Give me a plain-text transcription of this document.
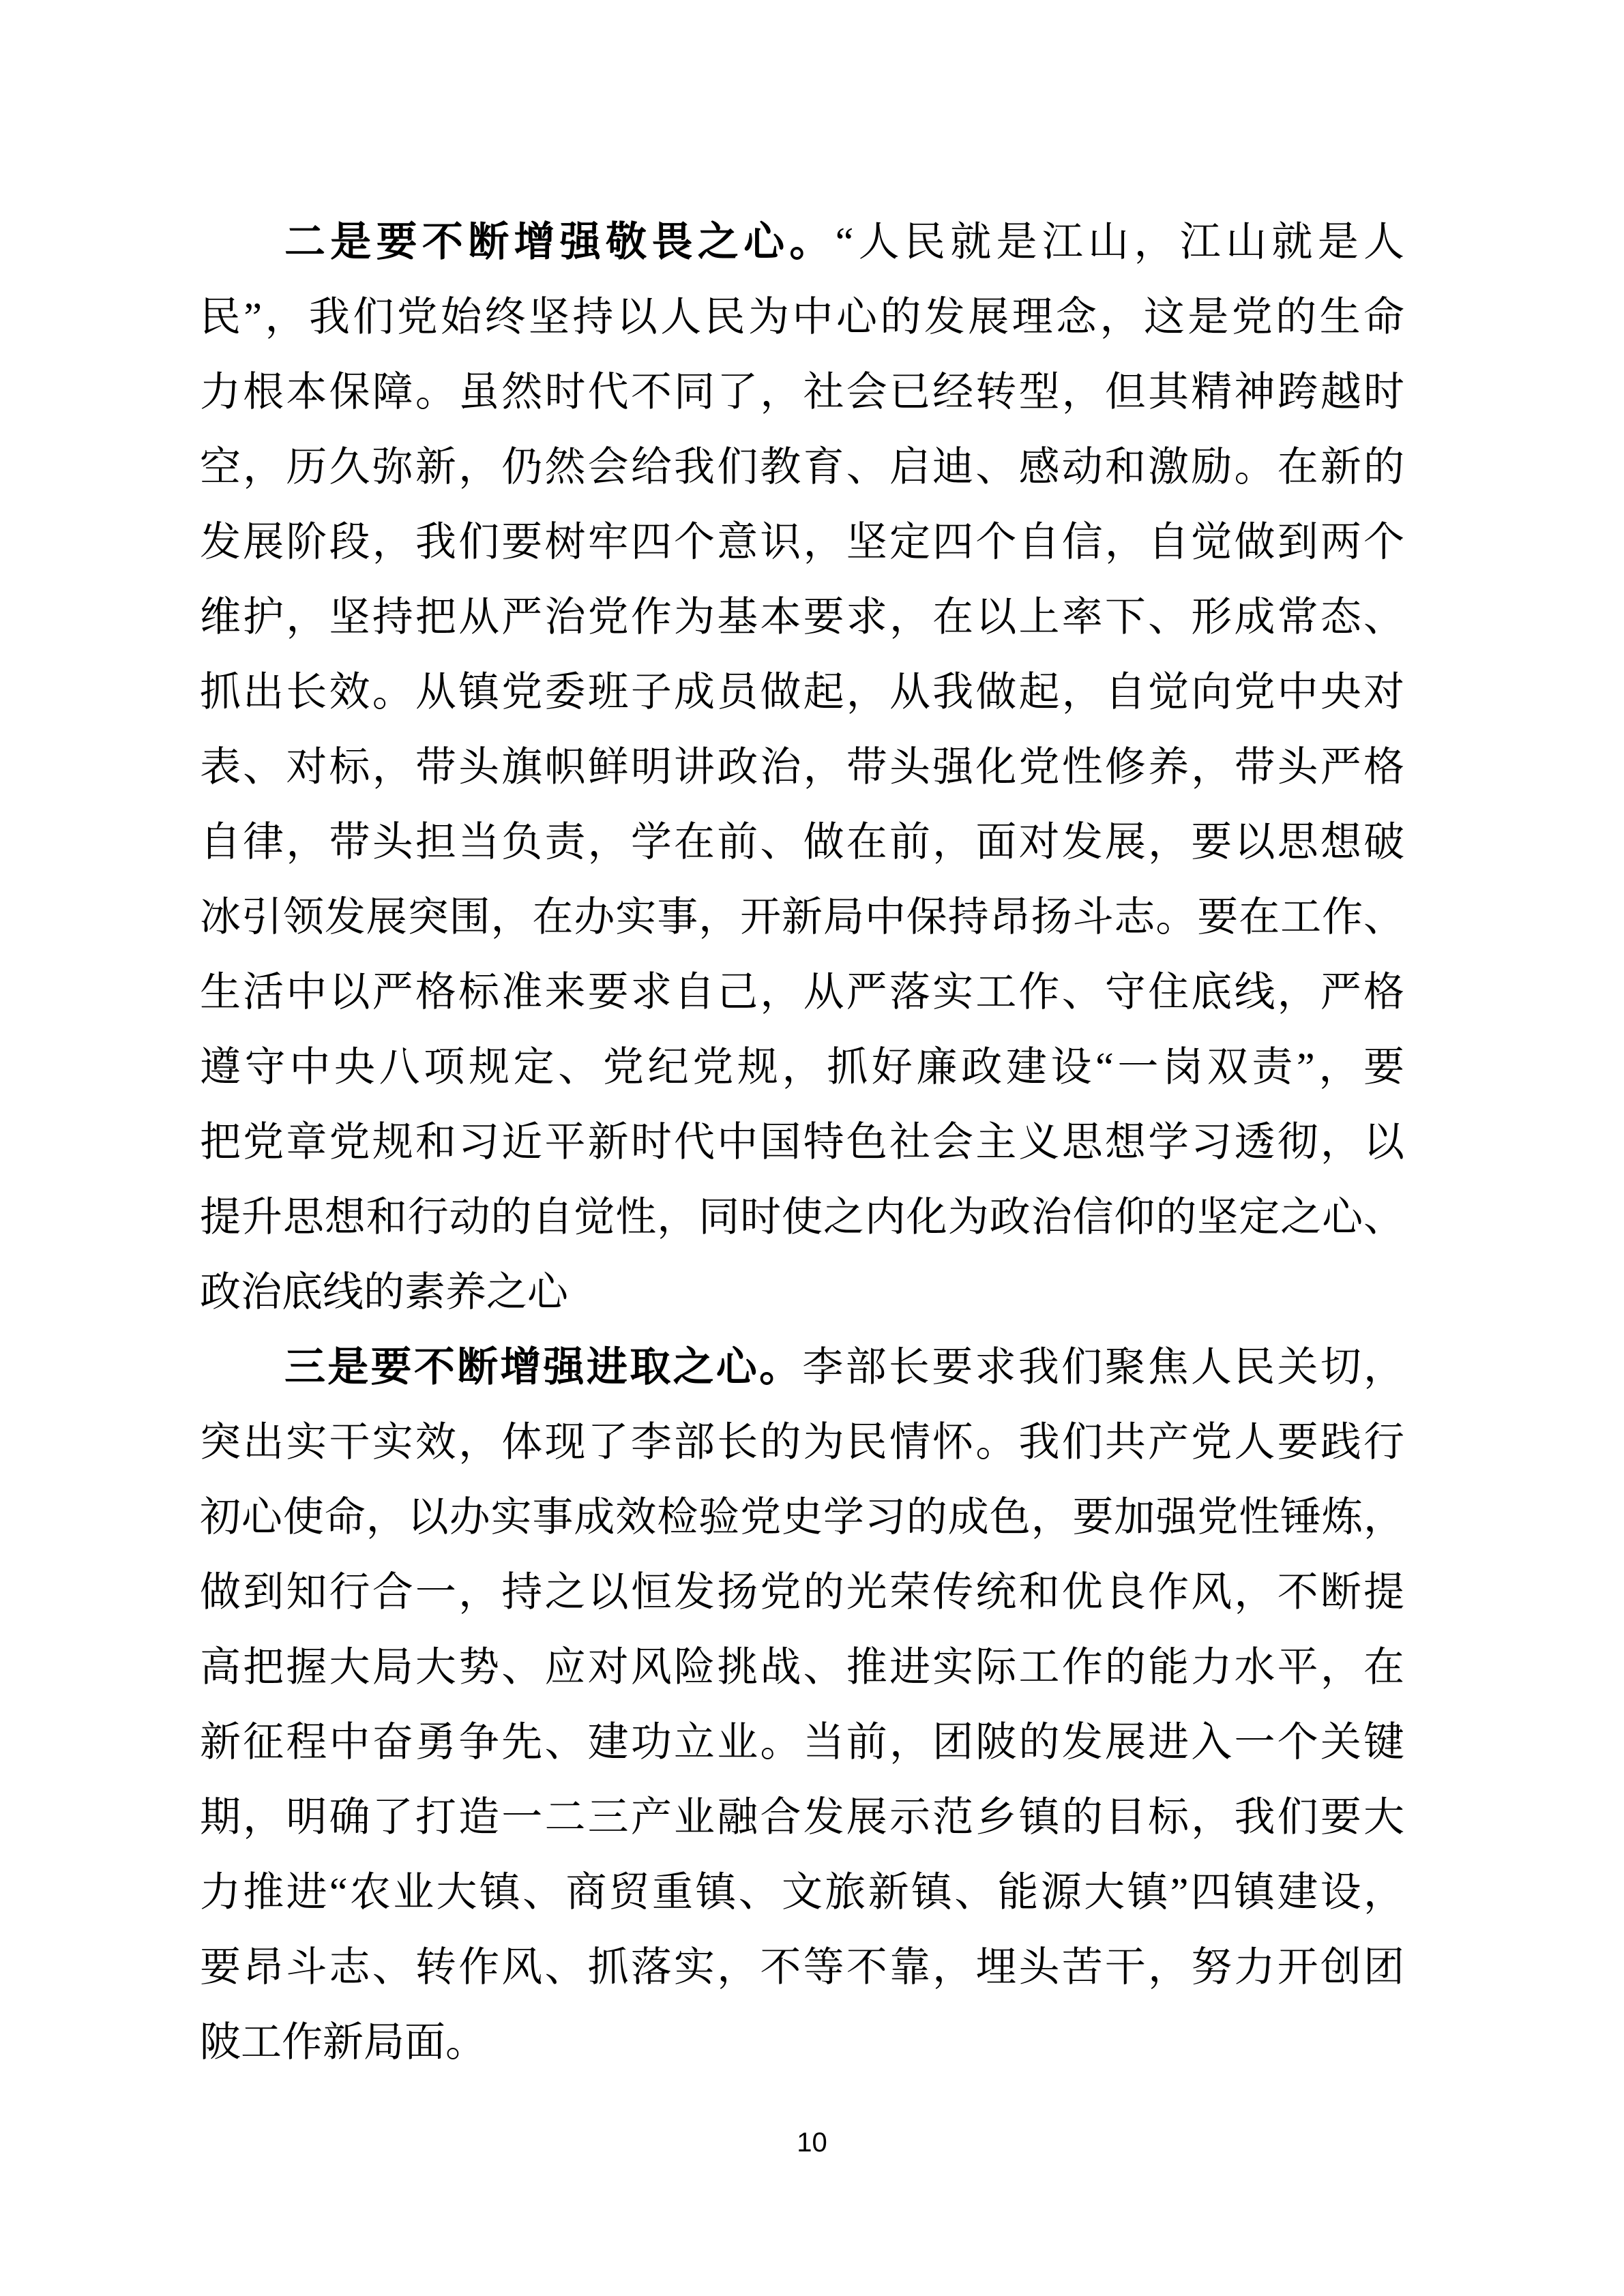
二是要不断增强敬畏之心。“人民就是江山，江山就是人
民”，我们党始终坚持以人民为中心的发展理念，这是党的生命
力根本保障。虽然时代不同了，社会已经转型，但其精神跨越时
空，历久弥新，仍然会给我们教育、启迪、感动和激励。在新的
发展阶段，我们要树牢四个意识，坚定四个自信，自觉做到两个
维护，坚持把从严治党作为基本要求，在以上率下、形成常态、
抓出长效。从镇党委班子成员做起，从我做起，自觉向党中央对
表、对标，带头旗帜鲜明讲政治，带头强化党性修养，带头严格
自律，带头担当负责，学在前、做在前，面对发展，要以思想破
冰引领发展突围，在办实事，开新局中保持昂扬斗志。要在工作、
生活中以严格标准来要求自己，从严落实工作、守住底线，严格
遵守中央八项规定、党纪党规，抓好廉政建设“一岗双责”，要
把党章党规和习近平新时代中国特色社会主义思想学习透彻，以
提升思想和行动的自觉性，同时使之内化为政治信仰的坚定之心、
政治底线的素养之心
三是要不断增强进取之心。李部长要求我们聚焦人民关切，
突出实干实效，体现了李部长的为民情怀。我们共产党人要践行
初心使命，以办实事成效检验党史学习的成色，要加强党性锤炼，
做到知行合一，持之以恒发扬党的光荣传统和优良作风，不断提
高把握大局大势、应对风险挑战、推进实际工作的能力水平，在
新征程中奋勇争先、建功立业。当前，团陂的发展进入一个关键
期，明确了打造一二三产业融合发展示范乡镇的目标，我们要大
力推进“农业大镇、商贸重镇、文旅新镇、能源大镇”四镇建设，
要昂斗志、转作风、抓落实，不等不靠，埋头苦干，努力开创团
陂工作新局面。
10
